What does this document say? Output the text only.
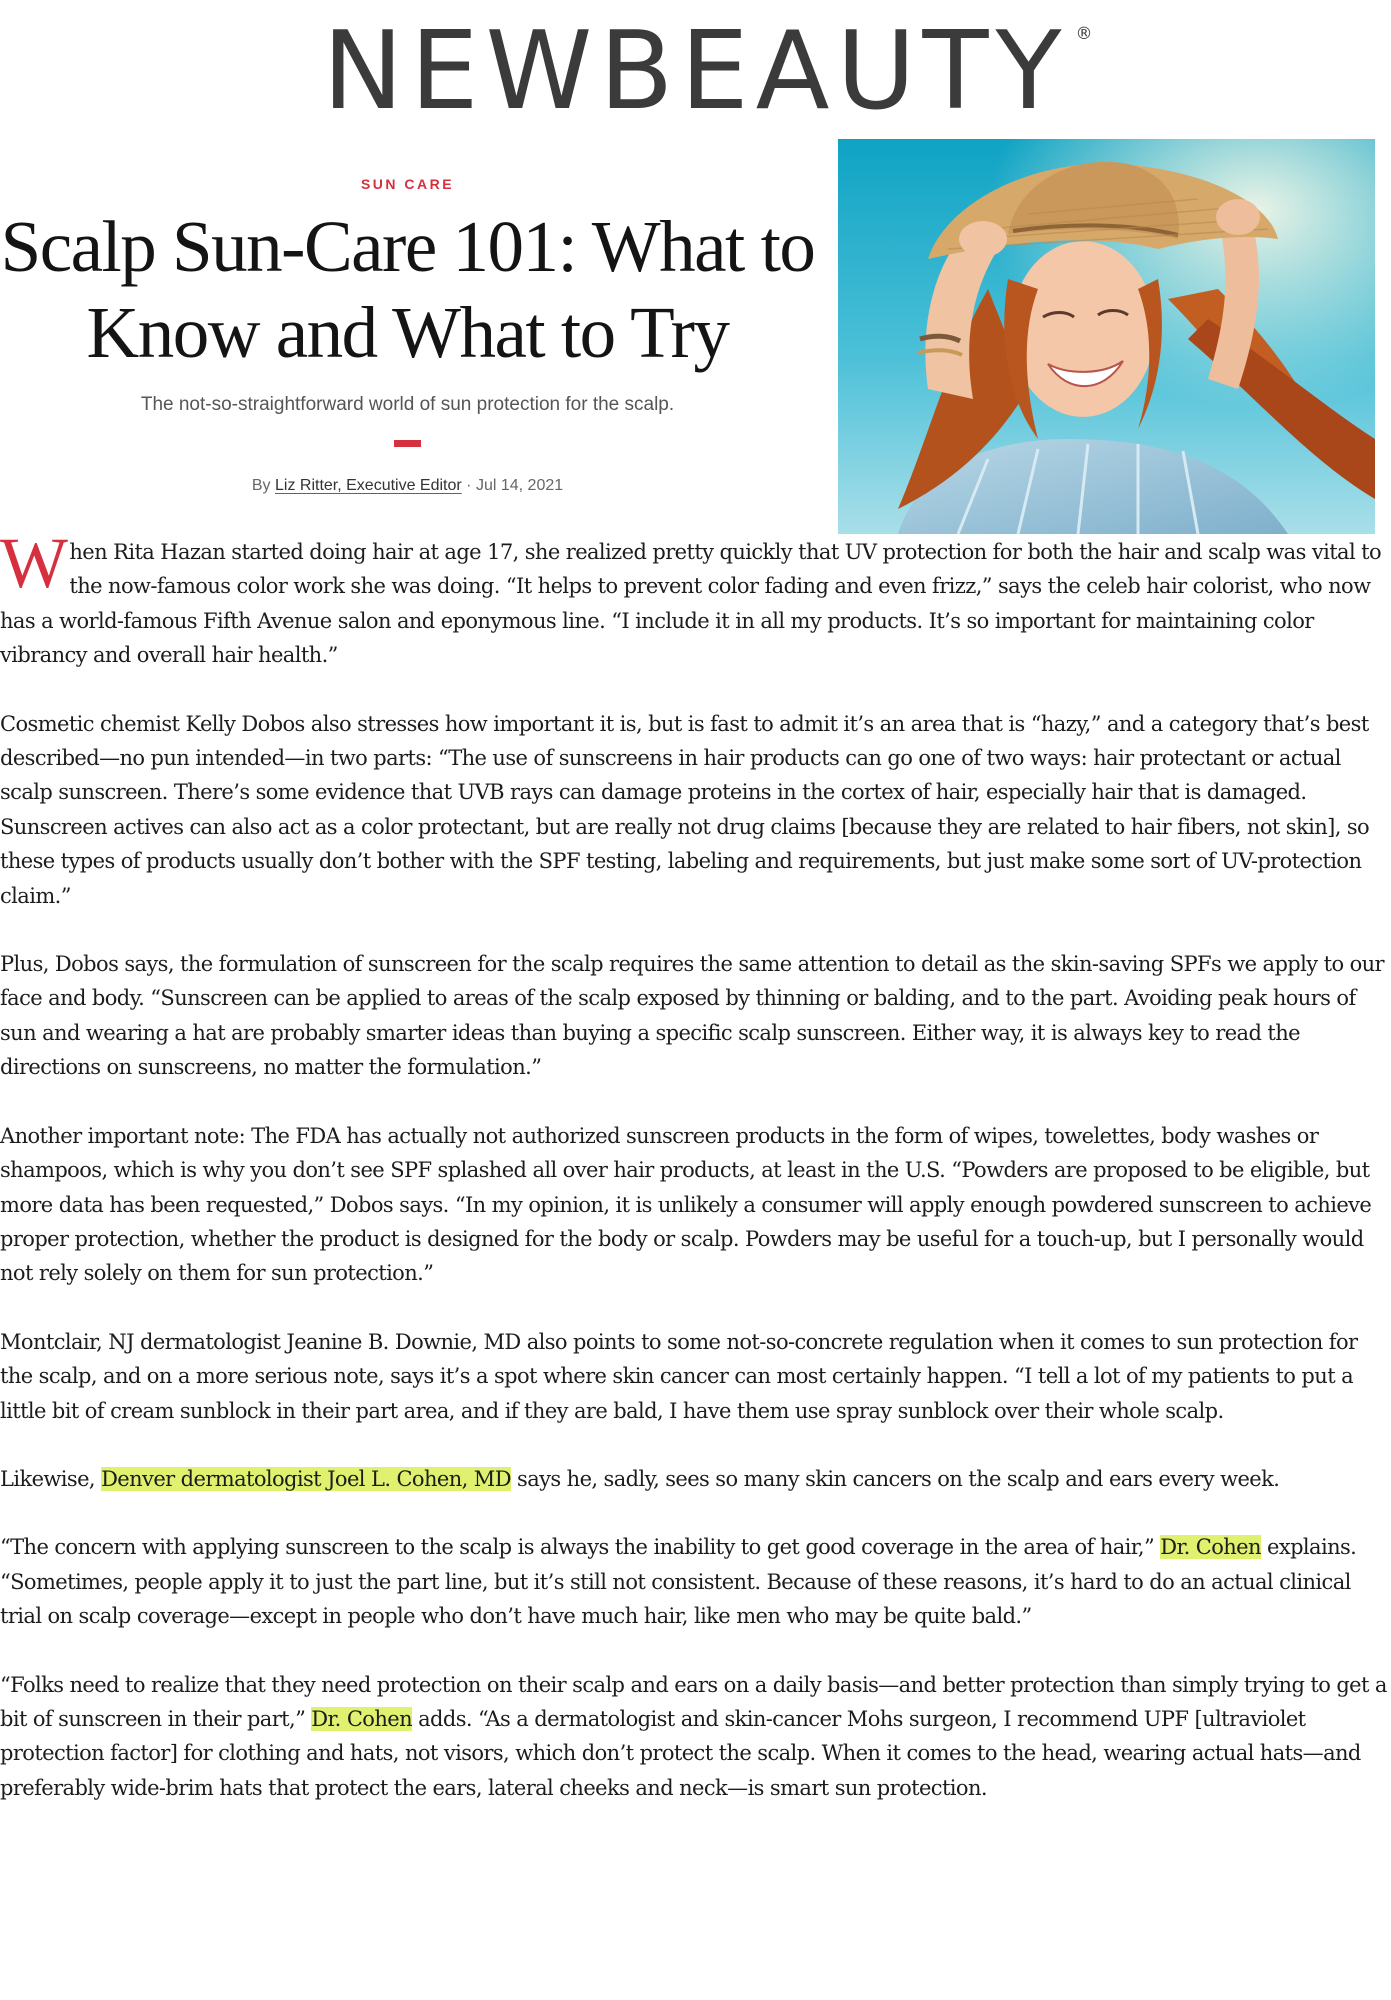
NEWBEAUTY ®
SUN CARE
Scalp Sun-Care 101: What to
Know and What to Try
The not-so-straightforward world of sun protection for the scalp.
By Liz Ritter, Executive Editor · Jul 14, 2021

When Rita Hazan started doing hair at age 17, she realized pretty quickly that UV protection for both the hair and scalp was vital to the now-famous color work she was doing. “It helps to prevent color fading and even frizz,” says the celeb hair colorist, who now has a world-famous Fifth Avenue salon and eponymous line. “I include it in all my products. It’s so important for maintaining color vibrancy and overall hair health.”

Cosmetic chemist Kelly Dobos also stresses how important it is, but is fast to admit it’s an area that is “hazy,” and a category that’s best described—no pun intended—in two parts: “The use of sunscreens in hair products can go one of two ways: hair protectant or actual scalp sunscreen. There’s some evidence that UVB rays can damage proteins in the cortex of hair, especially hair that is damaged. Sunscreen actives can also act as a color protectant, but are really not drug claims [because they are related to hair fibers, not skin], so these types of products usually don’t bother with the SPF testing, labeling and requirements, but just make some sort of UV-protection claim.”

Plus, Dobos says, the formulation of sunscreen for the scalp requires the same attention to detail as the skin-saving SPFs we apply to our face and body. “Sunscreen can be applied to areas of the scalp exposed by thinning or balding, and to the part. Avoiding peak hours of sun and wearing a hat are probably smarter ideas than buying a specific scalp sunscreen. Either way, it is always key to read the directions on sunscreens, no matter the formulation.”

Another important note: The FDA has actually not authorized sunscreen products in the form of wipes, towelettes, body washes or shampoos, which is why you don’t see SPF splashed all over hair products, at least in the U.S. “Powders are proposed to be eligible, but more data has been requested,” Dobos says. “In my opinion, it is unlikely a consumer will apply enough powdered sunscreen to achieve proper protection, whether the product is designed for the body or scalp. Powders may be useful for a touch-up, but I personally would not rely solely on them for sun protection.”

Montclair, NJ dermatologist Jeanine B. Downie, MD also points to some not-so-concrete regulation when it comes to sun protection for the scalp, and on a more serious note, says it’s a spot where skin cancer can most certainly happen. “I tell a lot of my patients to put a little bit of cream sunblock in their part area, and if they are bald, I have them use spray sunblock over their whole scalp.

Likewise, Denver dermatologist Joel L. Cohen, MD says he, sadly, sees so many skin cancers on the scalp and ears every week.

“The concern with applying sunscreen to the scalp is always the inability to get good coverage in the area of hair,” Dr. Cohen explains. “Sometimes, people apply it to just the part line, but it’s still not consistent. Because of these reasons, it’s hard to do an actual clinical trial on scalp coverage—except in people who don’t have much hair, like men who may be quite bald.”

“Folks need to realize that they need protection on their scalp and ears on a daily basis—and better protection than simply trying to get a bit of sunscreen in their part,” Dr. Cohen adds. “As a dermatologist and skin-cancer Mohs surgeon, I recommend UPF [ultraviolet protection factor] for clothing and hats, not visors, which don’t protect the scalp. When it comes to the head, wearing actual hats—and preferably wide-brim hats that protect the ears, lateral cheeks and neck—is smart sun protection.
